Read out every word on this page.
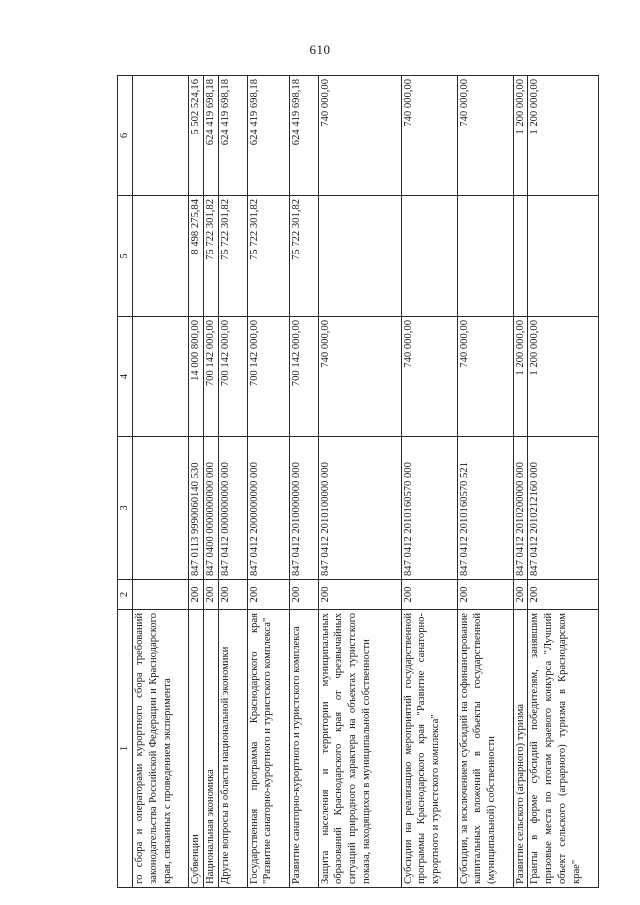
610
1	2	3	4	5	6
го сбора и операторами курортного сбора требований законодательства Российской Федерации и Краснодарского края, связанных с проведением эксперимента					
Субвенции	200	847 0113 9990060140 530	14 000 800,00	8 498 275,84	5 502 524,16
Национальная экономика	200	847 0400 0000000000 000	700 142 000,00	75 722 301,82	624 419 698,18
Другие вопросы в области национальной экономики	200	847 0412 0000000000 000	700 142 000,00	75 722 301,82	624 419 698,18
Государственная программа Краснодарского края "Развитие санаторно-курортного и туристского комплекса"	200	847 0412 2000000000 000	700 142 000,00	75 722 301,82	624 419 698,18
Развитие санаторно-курортного и туристского комплекса	200	847 0412 2010000000 000	700 142 000,00	75 722 301,82	624 419 698,18
Защита населения и территории муниципальных образований Краснодарского края от чрезвычайных ситуаций природного характера на объектах туристского показа, находящихся в муниципальной собственности	200	847 0412 2010100000 000	740 000,00		740 000,00
Субсидии на реализацию мероприятий государственной программы Краснодарского края "Развитие санаторно-курортного и туристского комплекса"	200	847 0412 2010160570 000	740 000,00		740 000,00
Субсидии, за исключением субсидий на софинансирование капитальных вложений в объекты государственной (муниципальной) собственности	200	847 0412 2010160570 521	740 000,00		740 000,00
Развитие сельского (аграрного) туризма	200	847 0412 2010200000 000	1 200 000,00		1 200 000,00
Гранты в форме субсидий победителям, занявшим призовые места по итогам краевого конкурса "Лучший объект сельского (аграрного) туризма в Краснодарском крае"	200	847 0412 2010212160 000	1 200 000,00		1 200 000,00
